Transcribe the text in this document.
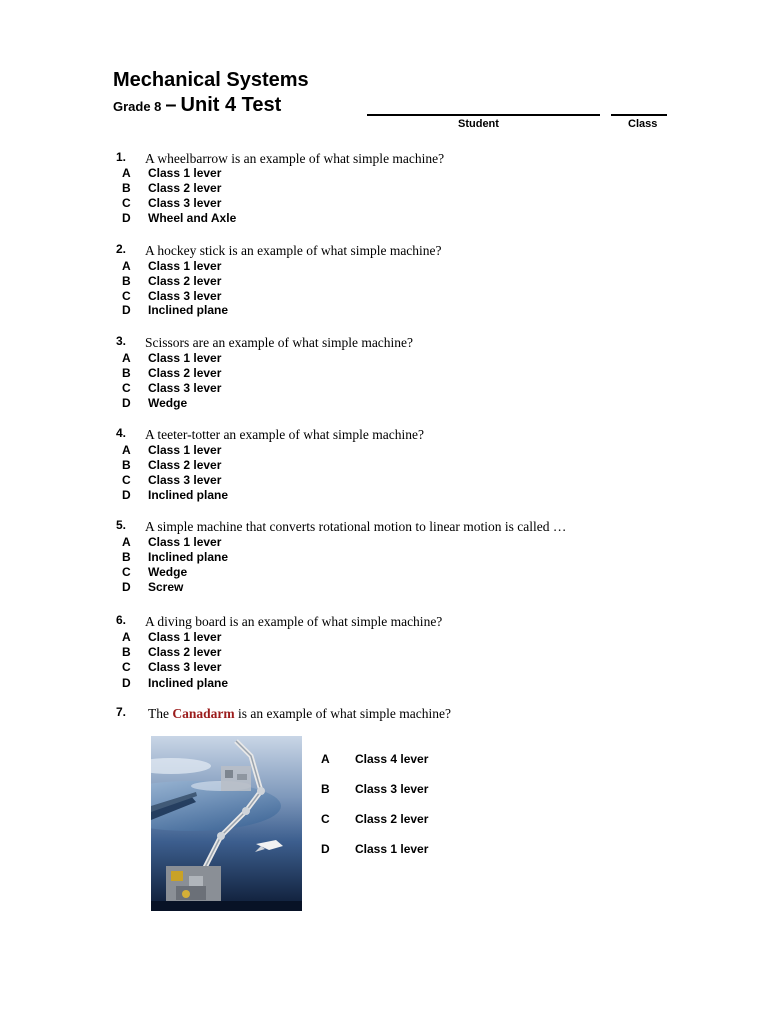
Mechanical Systems
Grade 8 – Unit 4 Test
Student	Class
1. A wheelbarrow is an example of what simple machine?
A Class 1 lever
B Class 2 lever
C Class 3 lever
D Wheel and Axle
2. A hockey stick is an example of what simple machine?
A Class 1 lever
B Class 2 lever
C Class 3 lever
D Inclined plane
3. Scissors are an example of what simple machine?
A Class 1 lever
B Class 2 lever
C Class 3 lever
D Wedge
4. A teeter-totter an example of what simple machine?
A Class 1 lever
B Class 2 lever
C Class 3 lever
D Inclined plane
5. A simple machine that converts rotational motion to linear motion is called …
A Class 1 lever
B Inclined plane
C Wedge
D Screw
6. A diving board is an example of what simple machine?
A Class 1 lever
B Class 2 lever
C Class 3 lever
D Inclined plane
7. The Canadarm is an example of what simple machine?
A Class 4 lever
B Class 3 lever
C Class 2 lever
D Class 1 lever
